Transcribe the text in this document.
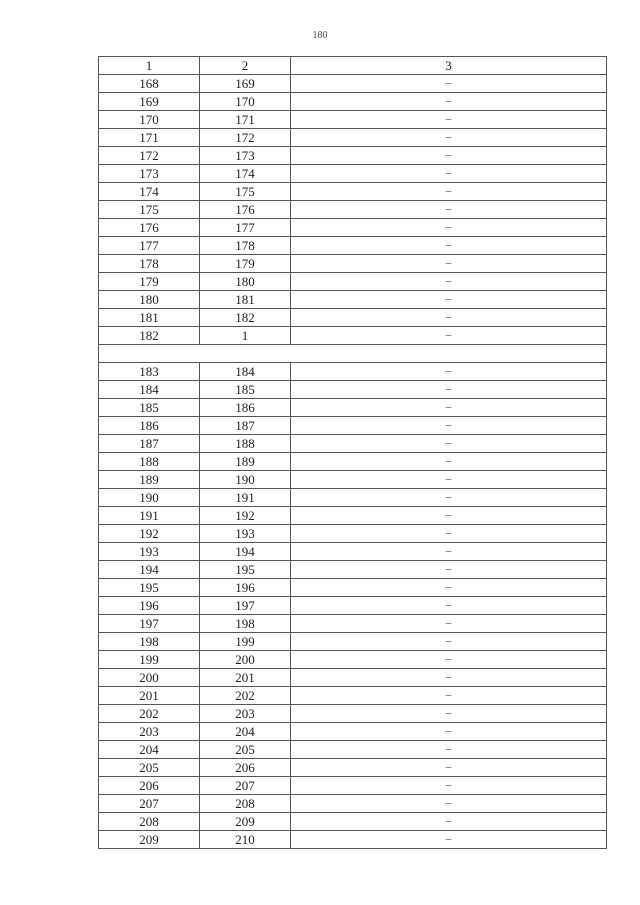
180
1	2	3
168	169	–
169	170	–
170	171	–
171	172	–
172	173	–
173	174	–
174	175	–
175	176	–
176	177	–
177	178	–
178	179	–
179	180	–
180	181	–
181	182	–
182	1	–

183	184	–
184	185	–
185	186	–
186	187	–
187	188	–
188	189	–
189	190	–
190	191	–
191	192	–
192	193	–
193	194	–
194	195	–
195	196	–
196	197	–
197	198	–
198	199	–
199	200	–
200	201	–
201	202	–
202	203	–
203	204	–
204	205	–
205	206	–
206	207	–
207	208	–
208	209	–
209	210	–
